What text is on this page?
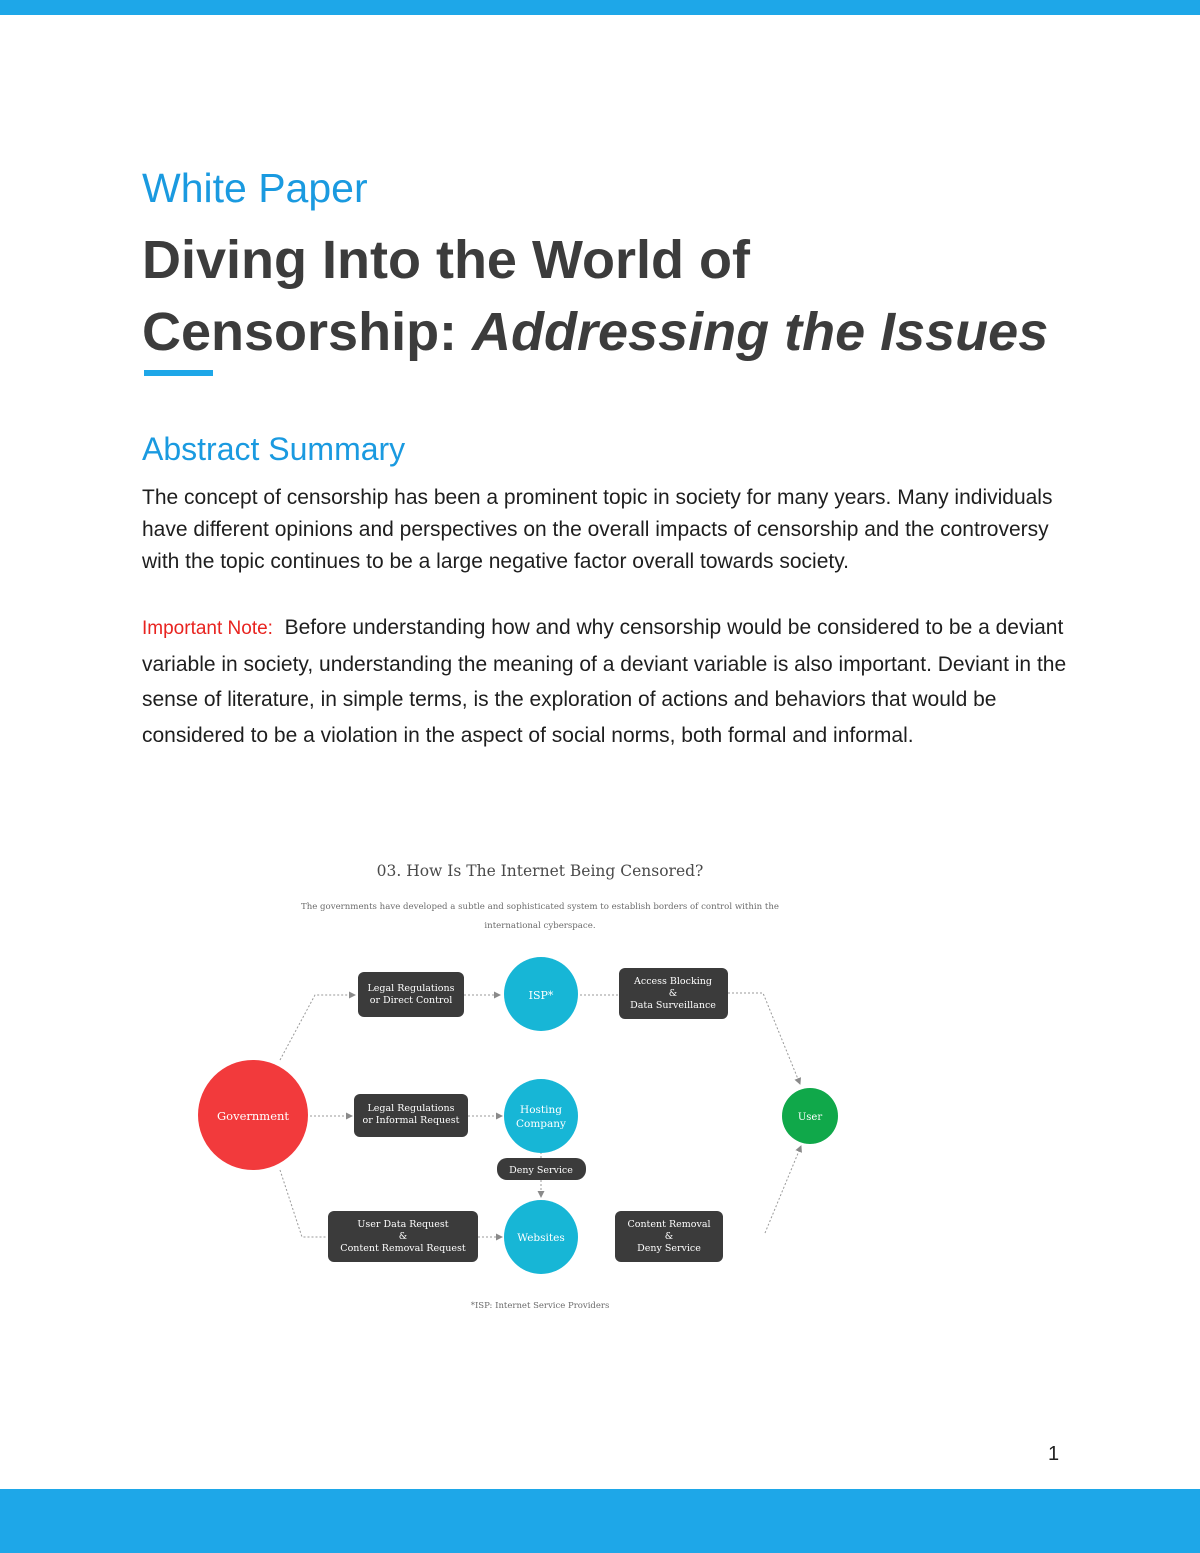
White Paper
Diving Into the World of
Censorship: Addressing the Issues
Abstract Summary

The concept of censorship has been a prominent topic in society for many years. Many individuals have different opinions and perspectives on the overall impacts of censorship and the controversy with the topic continues to be a large negative factor overall towards society.

Important Note: Before understanding how and why censorship would be considered to be a deviant variable in society, understanding the meaning of a deviant variable is also important. Deviant in the sense of literature, in simple terms, is the exploration of actions and behaviors that would be considered to be a violation in the aspect of social norms, both formal and informal.

03. How Is The Internet Being Censored?
The governments have developed a subtle and sophisticated system to establish borders of control within the
international cyberspace.
Government
ISP*
Hosting
Company
Websites
User
Legal Regulations
or Direct Control
Legal Regulations
or Informal Request
User Data Request
&
Content Removal Request
Access Blocking
&
Data Surveillance
Deny Service
Content Removal
&
Deny Service
*ISP: Internet Service Providers
1
